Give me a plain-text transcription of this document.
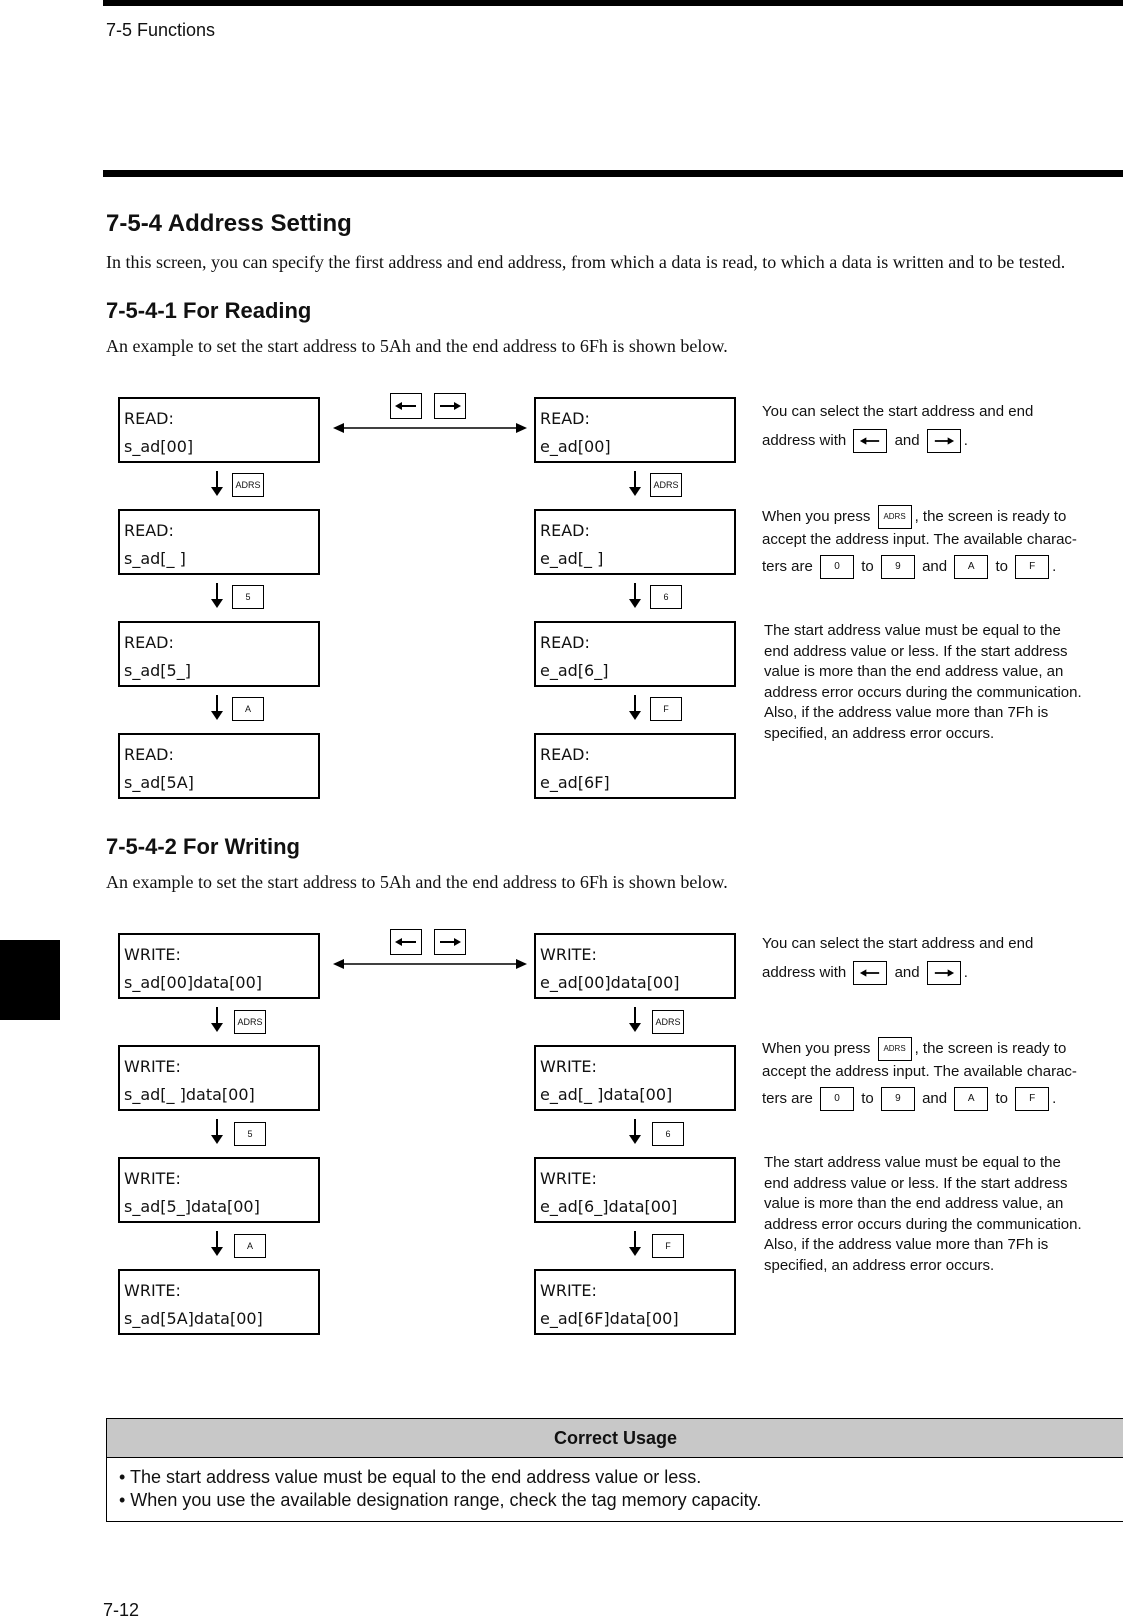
7-5 Functions
7-5-4 Address Setting
In this screen, you can specify the first address and end address, from which a data is read, to which a data is written and to be tested.
7-5-4-1 For Reading
An example to set the start address to 5Ah and the end address to 6Fh is shown below.
READ:
s_ad[00]
READ:
s_ad[_ ]
READ:
s_ad[5_]
READ:
s_ad[5A]
READ:
e_ad[00]
READ:
e_ad[_ ]
READ:
e_ad[6_]
READ:
e_ad[6F]
ADRS
5
A
ADRS
6
F
You can select the start address and end
address with	and	.
When you press ADRS , the screen is ready to
accept the address input. The available charac-
ters are 0 to 9 and A to F .
The start address value must be equal to the
end address value or less. If the start address
value is more than the end address value, an
address error occurs during the communication.
Also, if the address value more than 7Fh is
specified, an address error occurs.
7-5-4-2 For Writing
An example to set the start address to 5Ah and the end address to 6Fh is shown below.
WRITE:
s_ad[00]data[00]
WRITE:
s_ad[_ ]data[00]
WRITE:
s_ad[5_]data[00]
WRITE:
s_ad[5A]data[00]
WRITE:
e_ad[00]data[00]
WRITE:
e_ad[_ ]data[00]
WRITE:
e_ad[6_]data[00]
WRITE:
e_ad[6F]data[00]
ADRS
5
A
ADRS
6
F
You can select the start address and end
address with	and	.
When you press ADRS , the screen is ready to
accept the address input. The available charac-
ters are 0 to 9 and A to F .
The start address value must be equal to the
end address value or less. If the start address
value is more than the end address value, an
address error occurs during the communication.
Also, if the address value more than 7Fh is
specified, an address error occurs.
Correct Usage
• The start address value must be equal to the end address value or less.
• When you use the available designation range, check the tag memory capacity.
7-12
